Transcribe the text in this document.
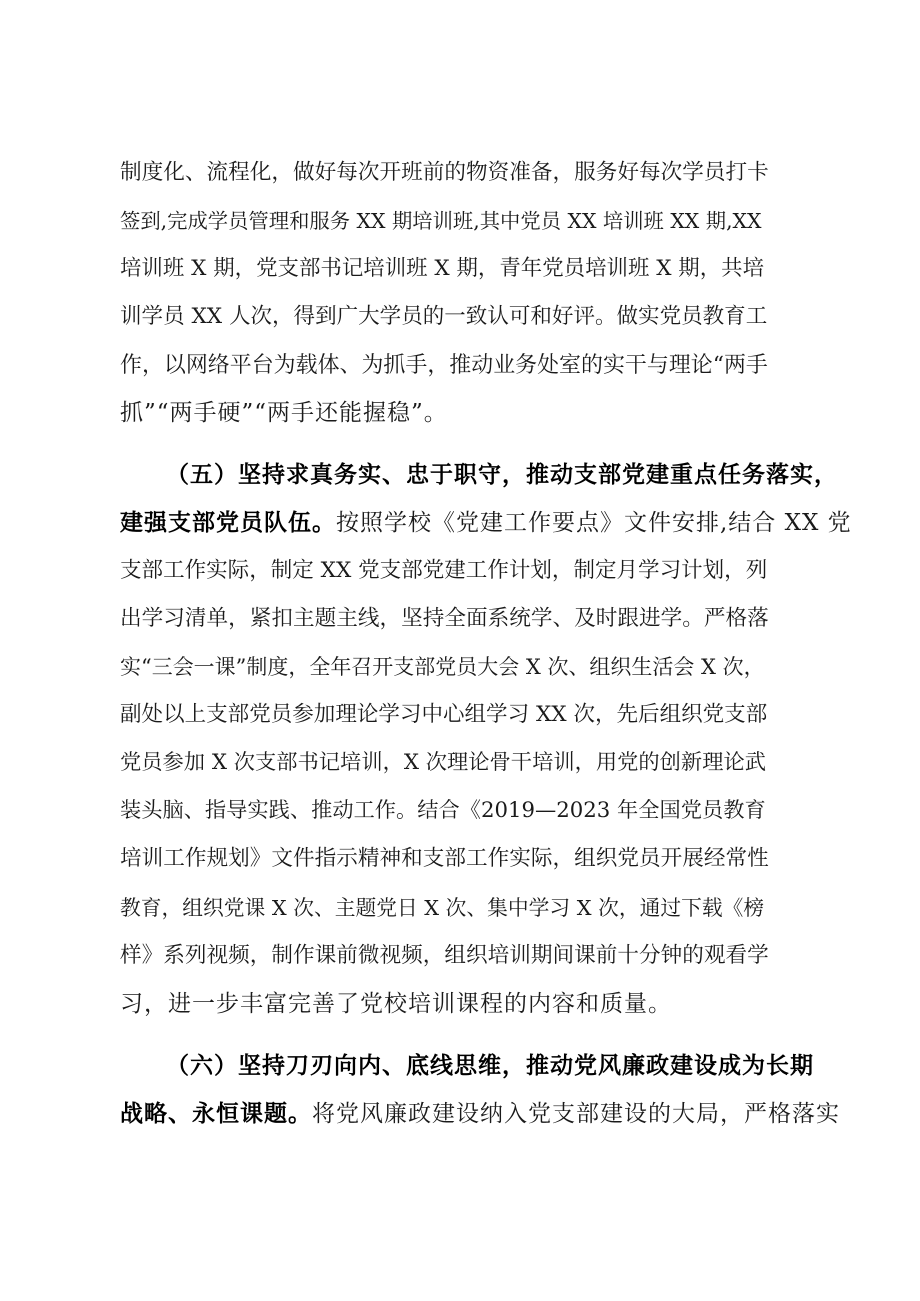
制度化、流程化，做好每次开班前的物资准备，服务好每次学员打卡
签到,完成学员管理和服务 XX 期培训班,其中党员 XX 培训班 XX 期,XX
培训班 X 期，党支部书记培训班 X 期，青年党员培训班 X 期，共培
训学员 XX 人次，得到广大学员的一致认可和好评。做实党员教育工
作，以网络平台为载体、为抓手，推动业务处室的实干与理论“两手
抓”“两手硬”“两手还能握稳”。
（五）坚持求真务实、忠于职守，推动支部党建重点任务落实，
建强支部党员队伍。按照学校《党建工作要点》文件安排,结合 XX 党
支部工作实际，制定 XX 党支部党建工作计划，制定月学习计划，列
出学习清单，紧扣主题主线，坚持全面系统学、及时跟进学。严格落
实“三会一课”制度，全年召开支部党员大会 X 次、组织生活会 X 次，
副处以上支部党员参加理论学习中心组学习 XX 次，先后组织党支部
党员参加 X 次支部书记培训，X 次理论骨干培训，用党的创新理论武
装头脑、指导实践、推动工作。结合《2019—2023 年全国党员教育
培训工作规划》文件指示精神和支部工作实际，组织党员开展经常性
教育，组织党课 X 次、主题党日 X 次、集中学习 X 次，通过下载《榜
样》系列视频，制作课前微视频，组织培训期间课前十分钟的观看学
习，进一步丰富完善了党校培训课程的内容和质量。
（六）坚持刀刃向内、底线思维，推动党风廉政建设成为长期
战略、永恒课题。将党风廉政建设纳入党支部建设的大局，严格落实
